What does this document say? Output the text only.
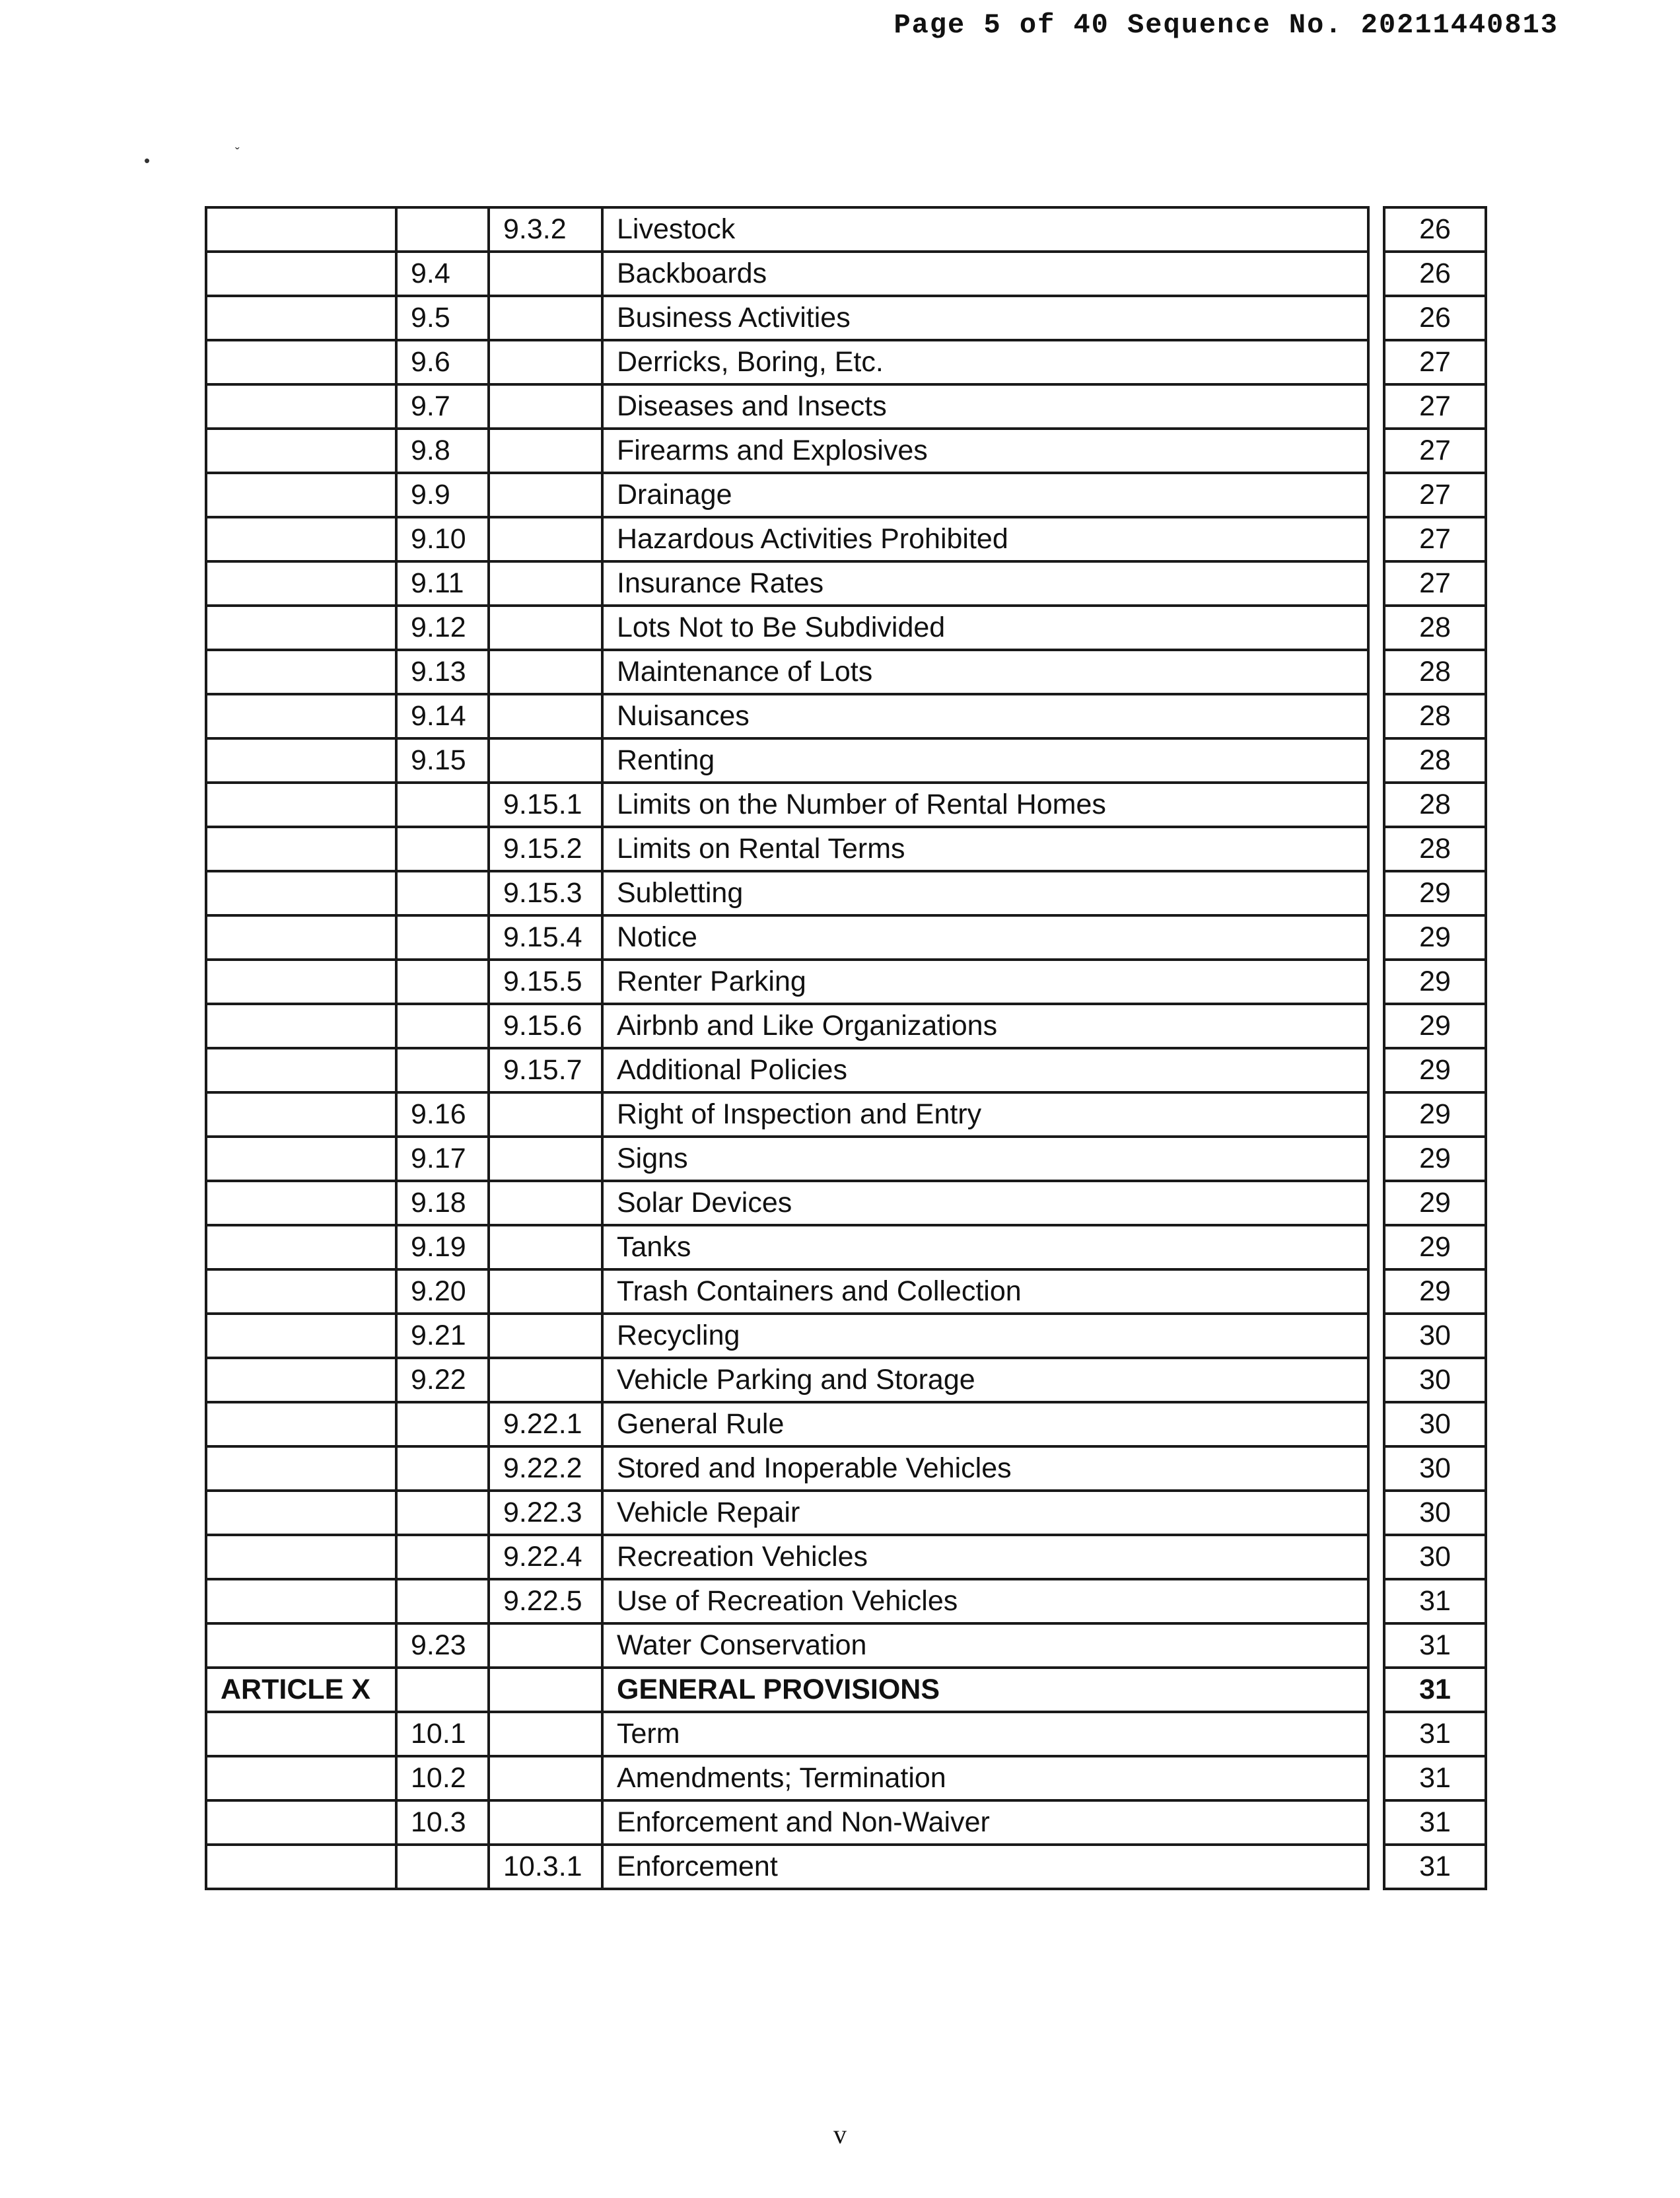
Page 5 of 40 Sequence No. 20211440813
•	ˇ
		9.3.2	Livestock		26
	9.4		Backboards		26
	9.5		Business Activities		26
	9.6		Derricks, Boring, Etc.		27
	9.7		Diseases and Insects		27
	9.8		Firearms and Explosives		27
	9.9		Drainage		27
	9.10		Hazardous Activities Prohibited		27
	9.11		Insurance Rates		27
	9.12		Lots Not to Be Subdivided		28
	9.13		Maintenance of Lots		28
	9.14		Nuisances		28
	9.15		Renting		28
		9.15.1	Limits on the Number of Rental Homes		28
		9.15.2	Limits on Rental Terms		28
		9.15.3	Subletting		29
		9.15.4	Notice		29
		9.15.5	Renter Parking		29
		9.15.6	Airbnb and Like Organizations		29
		9.15.7	Additional Policies		29
	9.16		Right of Inspection and Entry		29
	9.17		Signs		29
	9.18		Solar Devices		29
	9.19		Tanks		29
	9.20		Trash Containers and Collection		29
	9.21		Recycling		30
	9.22		Vehicle Parking and Storage		30
		9.22.1	General Rule		30
		9.22.2	Stored and Inoperable Vehicles		30
		9.22.3	Vehicle Repair		30
		9.22.4	Recreation Vehicles		30
		9.22.5	Use of Recreation Vehicles		31
	9.23		Water Conservation		31
ARTICLE X			GENERAL PROVISIONS		31
	10.1		Term		31
	10.2		Amendments; Termination		31
	10.3		Enforcement and Non-Waiver		31
		10.3.1	Enforcement		31
v
